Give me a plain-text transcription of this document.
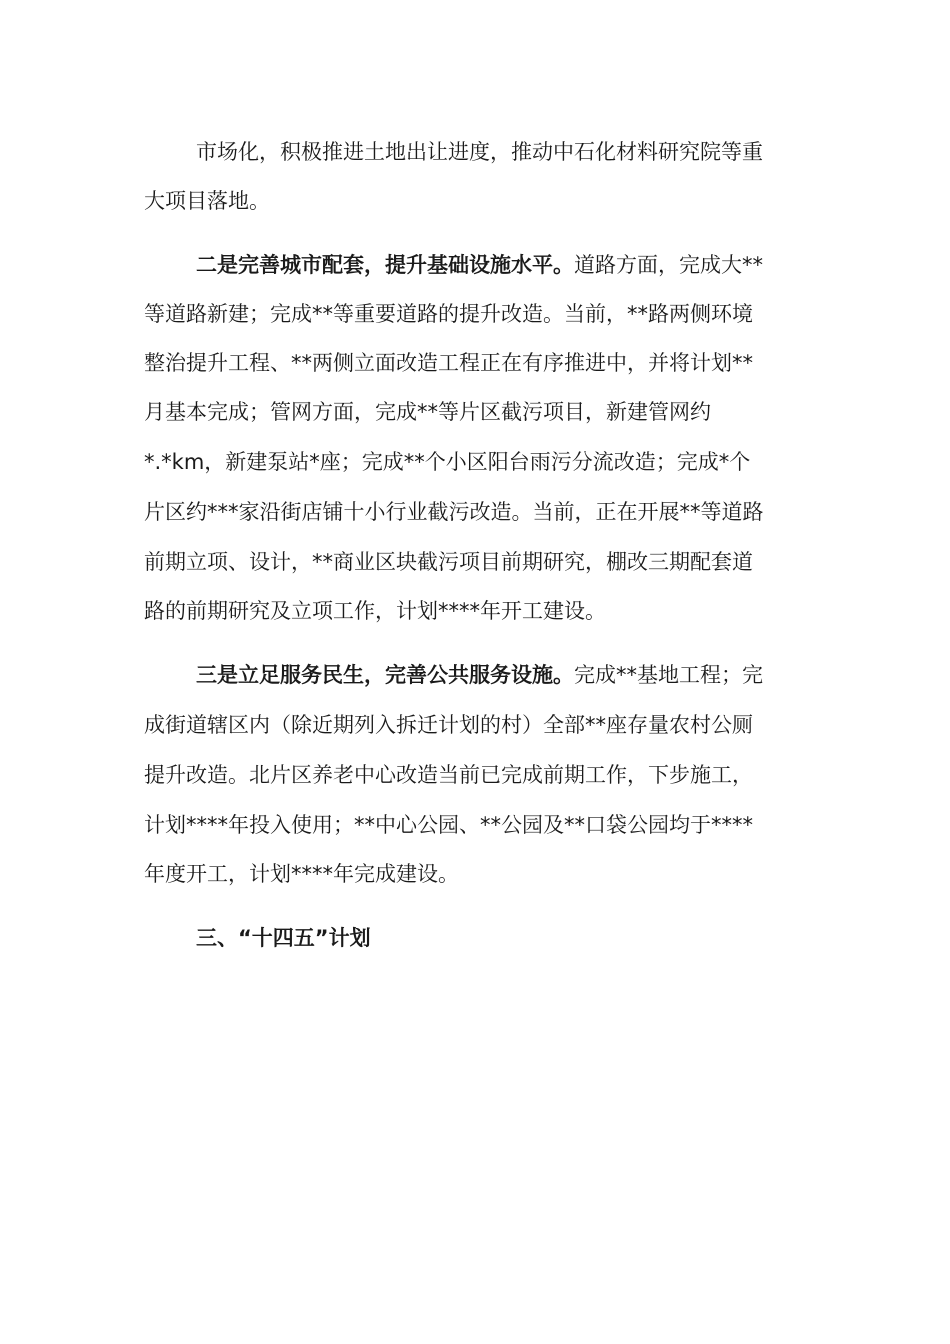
市场化，积极推进土地出让进度，推动中石化材料研究院等重
大项目落地。
二是完善城市配套，提升基础设施水平。道路方面，完成大**
等道路新建；完成**等重要道路的提升改造。当前，**路两侧环境
整治提升工程、**两侧立面改造工程正在有序推进中，并将计划**
月基本完成；管网方面，完成**等片区截污项目，新建管网约
*.*km，新建泵站*座；完成**个小区阳台雨污分流改造；完成*个
片区约***家沿街店铺十小行业截污改造。当前，正在开展**等道路
前期立项、设计，**商业区块截污项目前期研究，棚改三期配套道
路的前期研究及立项工作，计划****年开工建设。
三是立足服务民生，完善公共服务设施。完成**基地工程；完
成街道辖区内（除近期列入拆迁计划的村）全部**座存量农村公厕
提升改造。北片区养老中心改造当前已完成前期工作，下步施工，
计划****年投入使用；**中心公园、**公园及**口袋公园均于****
年度开工，计划****年完成建设。
三、“十四五”计划
